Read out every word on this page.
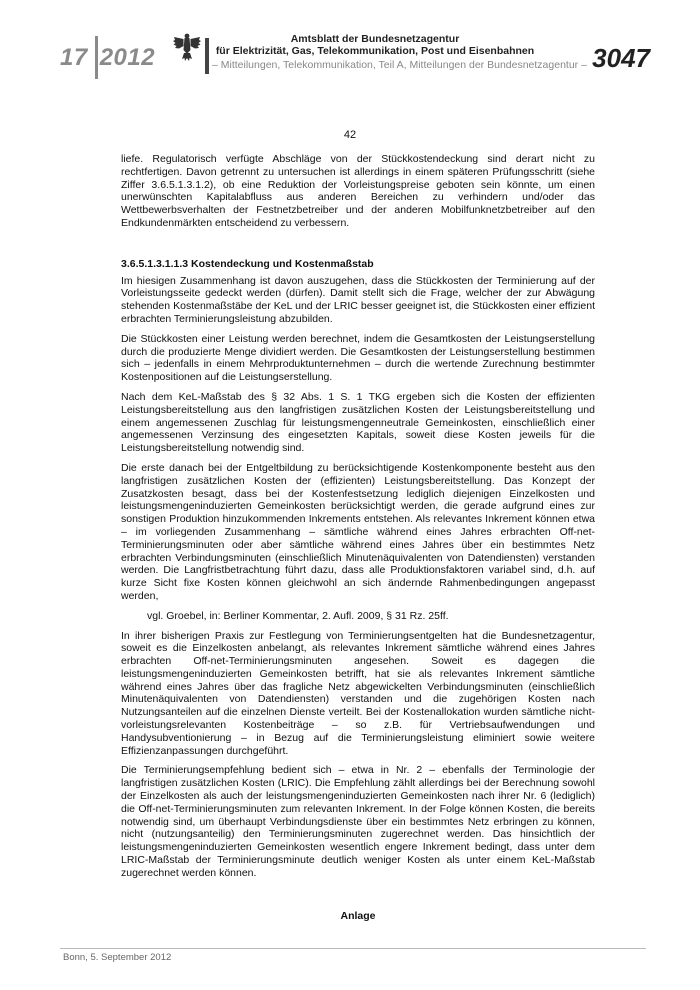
17 2012
Amtsblatt der Bundesnetzagentur
für Elektrizität, Gas, Telekommunikation, Post und Eisenbahnen
– Mitteilungen, Telekommunikation, Teil A, Mitteilungen der Bundesnetzagentur – 3047
42

liefe. Regulatorisch verfügte Abschläge von der Stückkostendeckung sind derart nicht zu rechtfertigen. Davon getrennt zu untersuchen ist allerdings in einem späteren Prüfungsschritt (siehe Ziffer 3.6.5.1.3.1.2), ob eine Reduktion der Vorleistungspreise geboten sein könnte, um einen unerwünschten Kapitalabfluss aus anderen Bereichen zu verhindern und/oder das Wettbewerbsverhalten der Festnetzbetreiber und der anderen Mobilfunknetzbetreiber auf den Endkundenmärkten entscheidend zu verbessern.

3.6.5.1.3.1.1.3 Kostendeckung und Kostenmaßstab

Im hiesigen Zusammenhang ist davon auszugehen, dass die Stückkosten der Terminierung auf der Vorleistungsseite gedeckt werden (dürfen). Damit stellt sich die Frage, welcher der zur Abwägung stehenden Kostenmaßstäbe der KeL und der LRIC besser geeignet ist, die Stückkosten einer effizient erbrachten Terminierungsleistung abzubilden.

Die Stückkosten einer Leistung werden berechnet, indem die Gesamtkosten der Leistungserstellung durch die produzierte Menge dividiert werden. Die Gesamtkosten der Leistungserstellung bestimmen sich – jedenfalls in einem Mehrproduktunternehmen – durch die wertende Zurechnung bestimmter Kostenpositionen auf die Leistungserstellung.

Nach dem KeL-Maßstab des § 32 Abs. 1 S. 1 TKG ergeben sich die Kosten der effizienten Leistungsbereitstellung aus den langfristigen zusätzlichen Kosten der Leistungsbereitstellung und einem angemessenen Zuschlag für leistungsmengenneutrale Gemeinkosten, einschließlich einer angemessenen Verzinsung des eingesetzten Kapitals, soweit diese Kosten jeweils für die Leistungsbereitstellung notwendig sind.

Die erste danach bei der Entgeltbildung zu berücksichtigende Kostenkomponente besteht aus den langfristigen zusätzlichen Kosten der (effizienten) Leistungsbereitstellung. Das Konzept der Zusatzkosten besagt, dass bei der Kostenfestsetzung lediglich diejenigen Einzelkosten und leistungsmengeninduzierten Gemeinkosten berücksichtigt werden, die gerade aufgrund eines zur sonstigen Produktion hinzukommenden Inkrements entstehen. Als relevantes Inkrement können etwa – im vorliegenden Zusammenhang – sämtliche während eines Jahres erbrachten Off-net-Terminierungsminuten oder aber sämtliche während eines Jahres über ein bestimmtes Netz erbrachten Verbindungsminuten (einschließlich Minutenäquivalenten von Datendiensten) verstanden werden. Die Langfristbetrachtung führt dazu, dass alle Produktionsfaktoren variabel sind, d.h. auf kurze Sicht fixe Kosten können gleichwohl an sich ändernde Rahmenbedingungen angepasst werden,

vgl. Groebel, in: Berliner Kommentar, 2. Aufl. 2009, § 31 Rz. 25ff.

In ihrer bisherigen Praxis zur Festlegung von Terminierungsentgelten hat die Bundesnetzagentur, soweit es die Einzelkosten anbelangt, als relevantes Inkrement sämtliche während eines Jahres erbrachten Off-net-Terminierungsminuten angesehen. Soweit es dagegen die leistungsmengeninduzierten Gemeinkosten betrifft, hat sie als relevantes Inkrement sämtliche während eines Jahres über das fragliche Netz abgewickelten Verbindungsminuten (einschließlich Minutenäquivalenten von Datendiensten) verstanden und die zugehörigen Kosten nach Nutzungsanteilen auf die einzelnen Dienste verteilt. Bei der Kostenallokation wurden sämtliche nicht-vorleistungsrelevanten Kostenbeiträge – so z.B. für Vertriebsaufwendungen und Handysubventionierung – in Bezug auf die Terminierungsleistung eliminiert sowie weitere Effizienzanpassungen durchgeführt.

Die Terminierungsempfehlung bedient sich – etwa in Nr. 2 – ebenfalls der Terminologie der langfristigen zusätzlichen Kosten (LRIC). Die Empfehlung zählt allerdings bei der Berechnung sowohl der Einzelkosten als auch der leistungsmengeninduzierten Gemeinkosten nach ihrer Nr. 6 (lediglich) die Off-net-Terminierungsminuten zum relevanten Inkrement. In der Folge können Kosten, die bereits notwendig sind, um überhaupt Verbindungsdienste über ein bestimmtes Netz erbringen zu können, nicht (nutzungsanteilig) den Terminierungsminuten zugerechnet werden. Das hinsichtlich der leistungsmengeninduzierten Gemeinkosten wesentlich engere Inkrement bedingt, dass unter dem LRIC-Maßstab der Terminierungsminute deutlich weniger Kosten als unter einem KeL-Maßstab zugerechnet werden können.

Anlage

Bonn, 5. September 2012
